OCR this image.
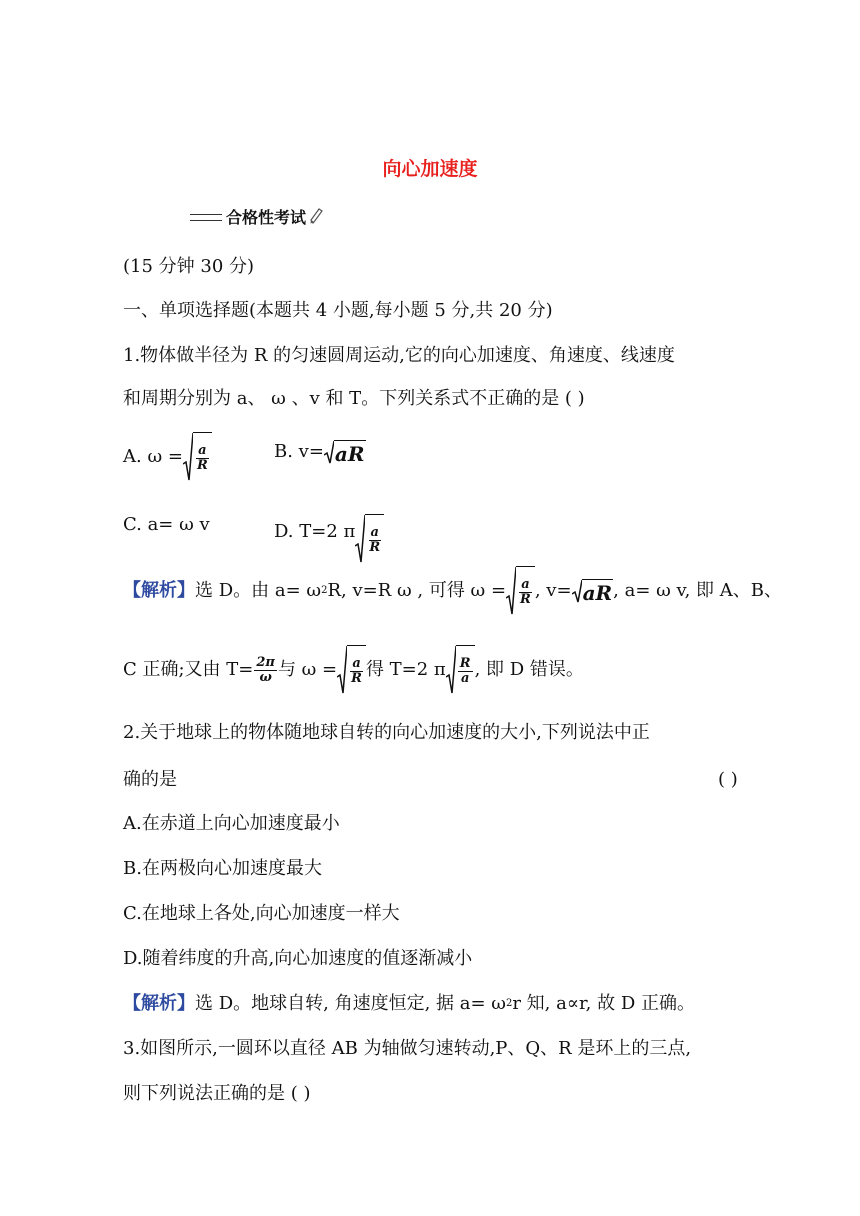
向心加速度
合格性考试
(15 分钟 30 分)
一、单项选择题(本题共 4 小题,每小题 5 分,共 20 分)
1.物体做半径为 R 的匀速圆周运动,它的向心加速度、角速度、线速度
和周期分别为 a、 ω 、v 和 T。下列关系式不正确的是 ( )
A. $\omega = \frac{a}{R}$	B. v= aR
C. a= ω v	D. T=2 π $\frac{a}{R}$
【解析】 选 D。由 a= ω 2 R, v=R ω , 可得 $\omega = \frac{a}{R}$ , v= aR , a= ω v, 即 A、B、
C 正确;又由 $T= \frac{2\pi}{\omega}$ 与 $\omega = \frac{a}{R}$ 得 T=2 π $\frac{R}{a}$ , 即 D 错误。
2.关于地球上的物体随地球自转的向心加速度的大小,下列说法中正
确的是	( )
A.在赤道上向心加速度最小
B.在两极向心加速度最大
C.在地球上各处,向心加速度一样大
D.随着纬度的升高,向心加速度的值逐渐减小
【解析】 选 D。地球自转, 角速度恒定, 据 a= ω 2 r 知, a∝r, 故 D 正确。
3.如图所示,一圆环以直径 AB 为轴做匀速转动,P、Q、R 是环上的三点,
则下列说法正确的是 ( )
